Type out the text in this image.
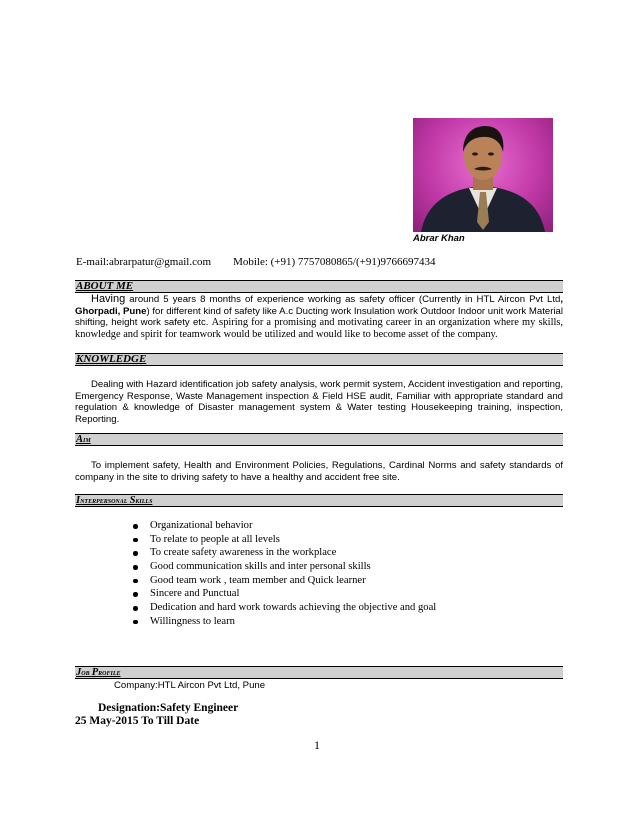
Abrar Khan
E-mail:abrarpatur@gmail.com Mobile: (+91) 7757080865/(+91)9766697434
ABOUT ME
Having around 5 years 8 months of experience working as safety officer (Currently in HTL Aircon Pvt Ltd, Ghorpadi, Pune) for different kind of safety like A.c Ducting work Insulation work Outdoor Indoor unit work Material shifting, height work safety etc. Aspiring for a promising and motivating career in an organization where my skills, knowledge and spirit for teamwork would be utilized and would like to become asset of the company.
KNOWLEDGE
Dealing with Hazard identification job safety analysis, work permit system, Accident investigation and reporting, Emergency Response, Waste Management inspection & Field HSE audit, Familiar with appropriate standard and regulation & knowledge of Disaster management system & Water testing Housekeeping training, inspection, Reporting.
Aim
To implement safety, Health and Environment Policies, Regulations, Cardinal Norms and safety standards of company in the site to driving safety to have a healthy and accident free site.
Interpersonal Skills
Organizational behavior
To relate to people at all levels
To create safety awareness in the workplace
Good communication skills and inter personal skills
Good team work , team member and Quick learner
Sincere and Punctual
Dedication and hard work towards achieving the objective and goal
Willingness to learn
Job Profile
Company:HTL Aircon Pvt Ltd, Pune
Designation:Safety Engineer
25 May-2015 To Till Date
1
